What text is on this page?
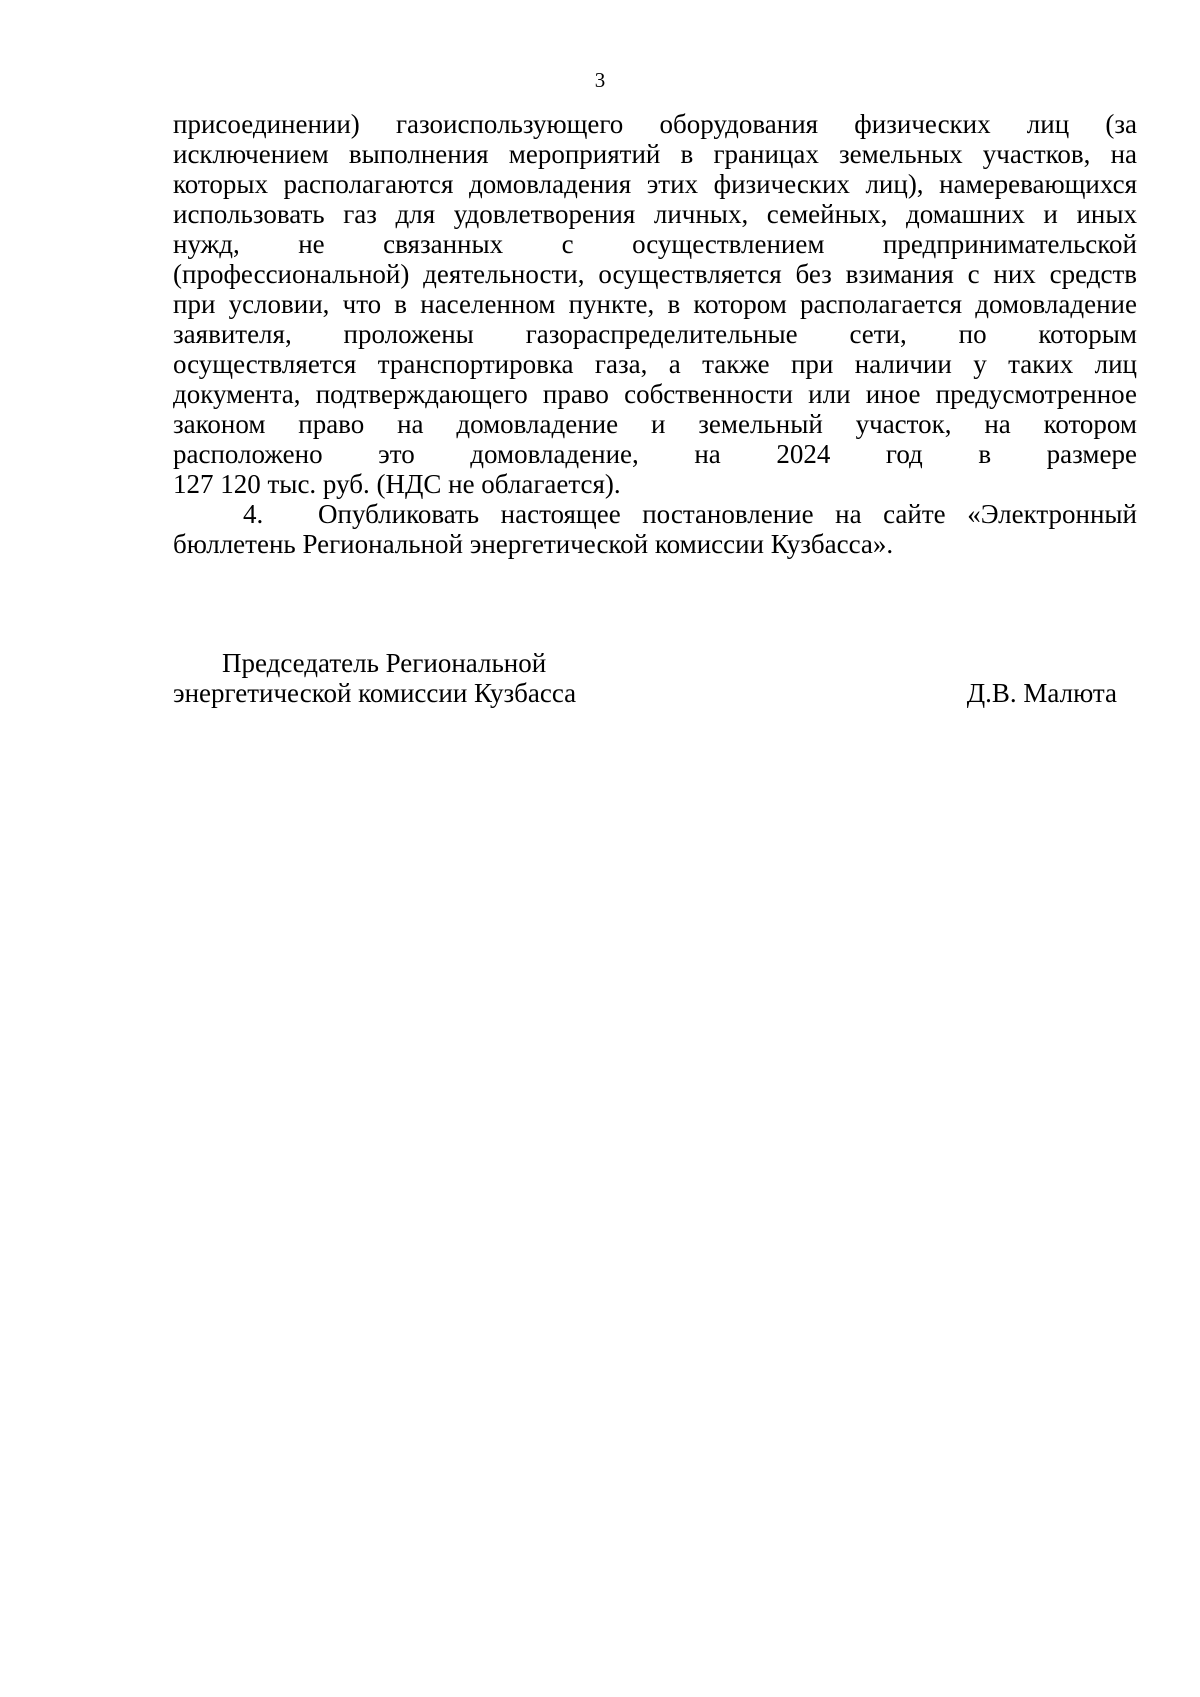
3
присоединении) газоиспользующего оборудования физических лиц (за
исключением выполнения мероприятий в границах земельных участков, на
которых располагаются домовладения этих физических лиц), намеревающихся
использовать газ для удовлетворения личных, семейных, домашних и иных
нужд, не связанных с осуществлением предпринимательской
(профессиональной) деятельности, осуществляется без взимания с них средств
при условии, что в населенном пункте, в котором располагается домовладение
заявителя, проложены газораспределительные сети, по которым
осуществляется транспортировка газа, а также при наличии у таких лиц
документа, подтверждающего право собственности или иное предусмотренное
законом право на домовладение и земельный участок, на котором
расположено это домовладение, на 2024 год в размере
127 120 тыс. руб. (НДС не облагается).
4.	Опубликовать настоящее постановление на сайте «Электронный
бюллетень Региональной энергетической комиссии Кузбасса».
Председатель Региональной
энергетической комиссии Кузбасса	Д.В. Малюта
